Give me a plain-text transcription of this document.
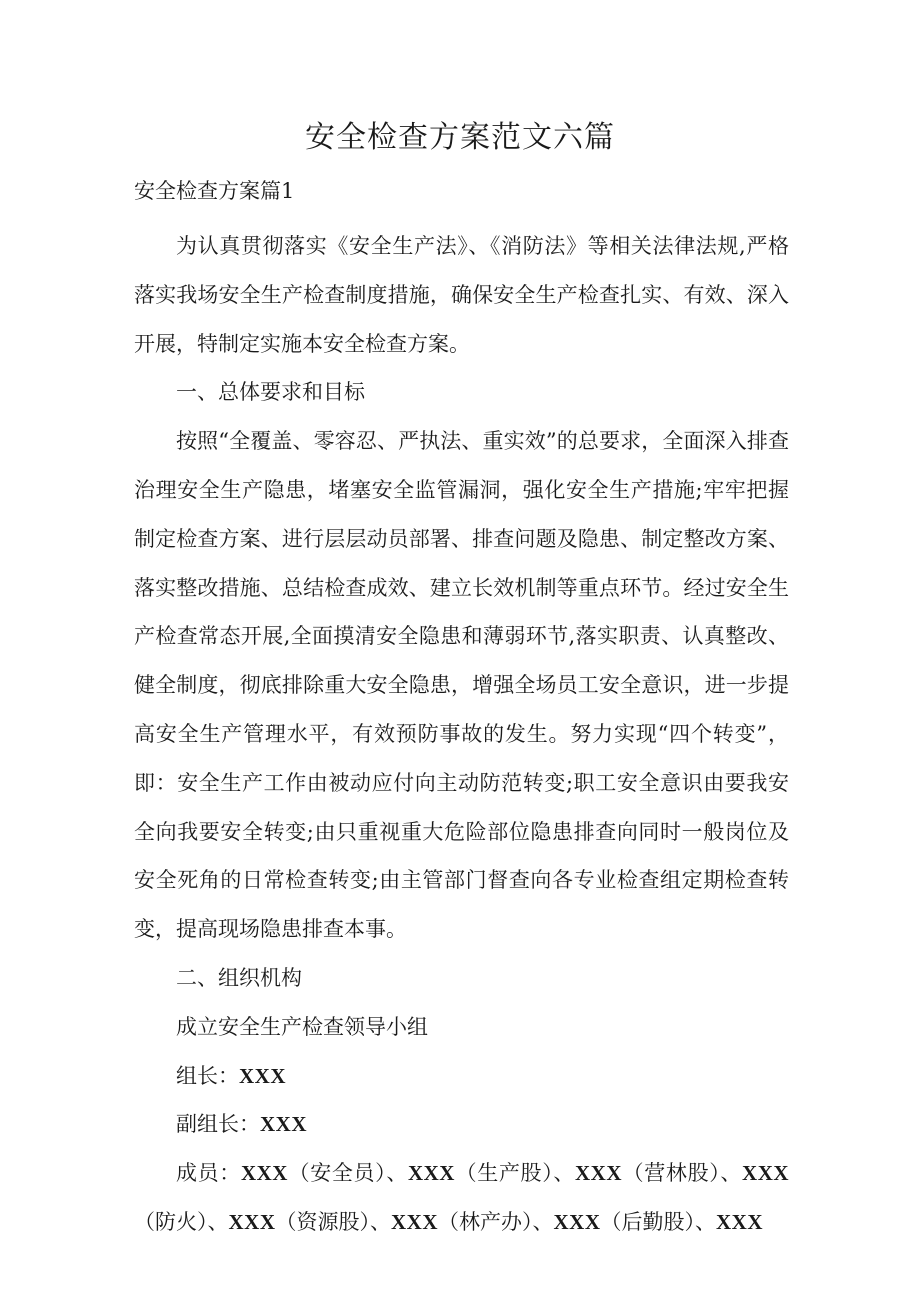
安全检查方案范文六篇
安全检查方案篇1

为认真贯彻落实《安全生产法》、《消防法》等相关法律法规,严格落实我场安全生产检查制度措施，确保安全生产检查扎实、有效、深入开展，特制定实施本安全检查方案。

一、总体要求和目标

按照“全覆盖、零容忍、严执法、重实效”的总要求，全面深入排查治理安全生产隐患，堵塞安全监管漏洞，强化安全生产措施;牢牢把握制定检查方案、进行层层动员部署、排查问题及隐患、制定整改方案、落实整改措施、总结检查成效、建立长效机制等重点环节。经过安全生产检查常态开展,全面摸清安全隐患和薄弱环节,落实职责、认真整改、健全制度，彻底排除重大安全隐患，增强全场员工安全意识，进一步提高安全生产管理水平，有效预防事故的发生。努力实现“四个转变”，即：安全生产工作由被动应付向主动防范转变;职工安全意识由要我安全向我要安全转变;由只重视重大危险部位隐患排查向同时一般岗位及安全死角的日常检查转变;由主管部门督查向各专业检查组定期检查转变，提高现场隐患排查本事。

二、组织机构

成立安全生产检查领导小组

组长：XXX

副组长：XXX

成员：XXX（安全员）、XXX（生产股）、XXX（营林股）、XXX（防火）、XXX（资源股）、XXX（林产办）、XXX（后勤股）、XXX
